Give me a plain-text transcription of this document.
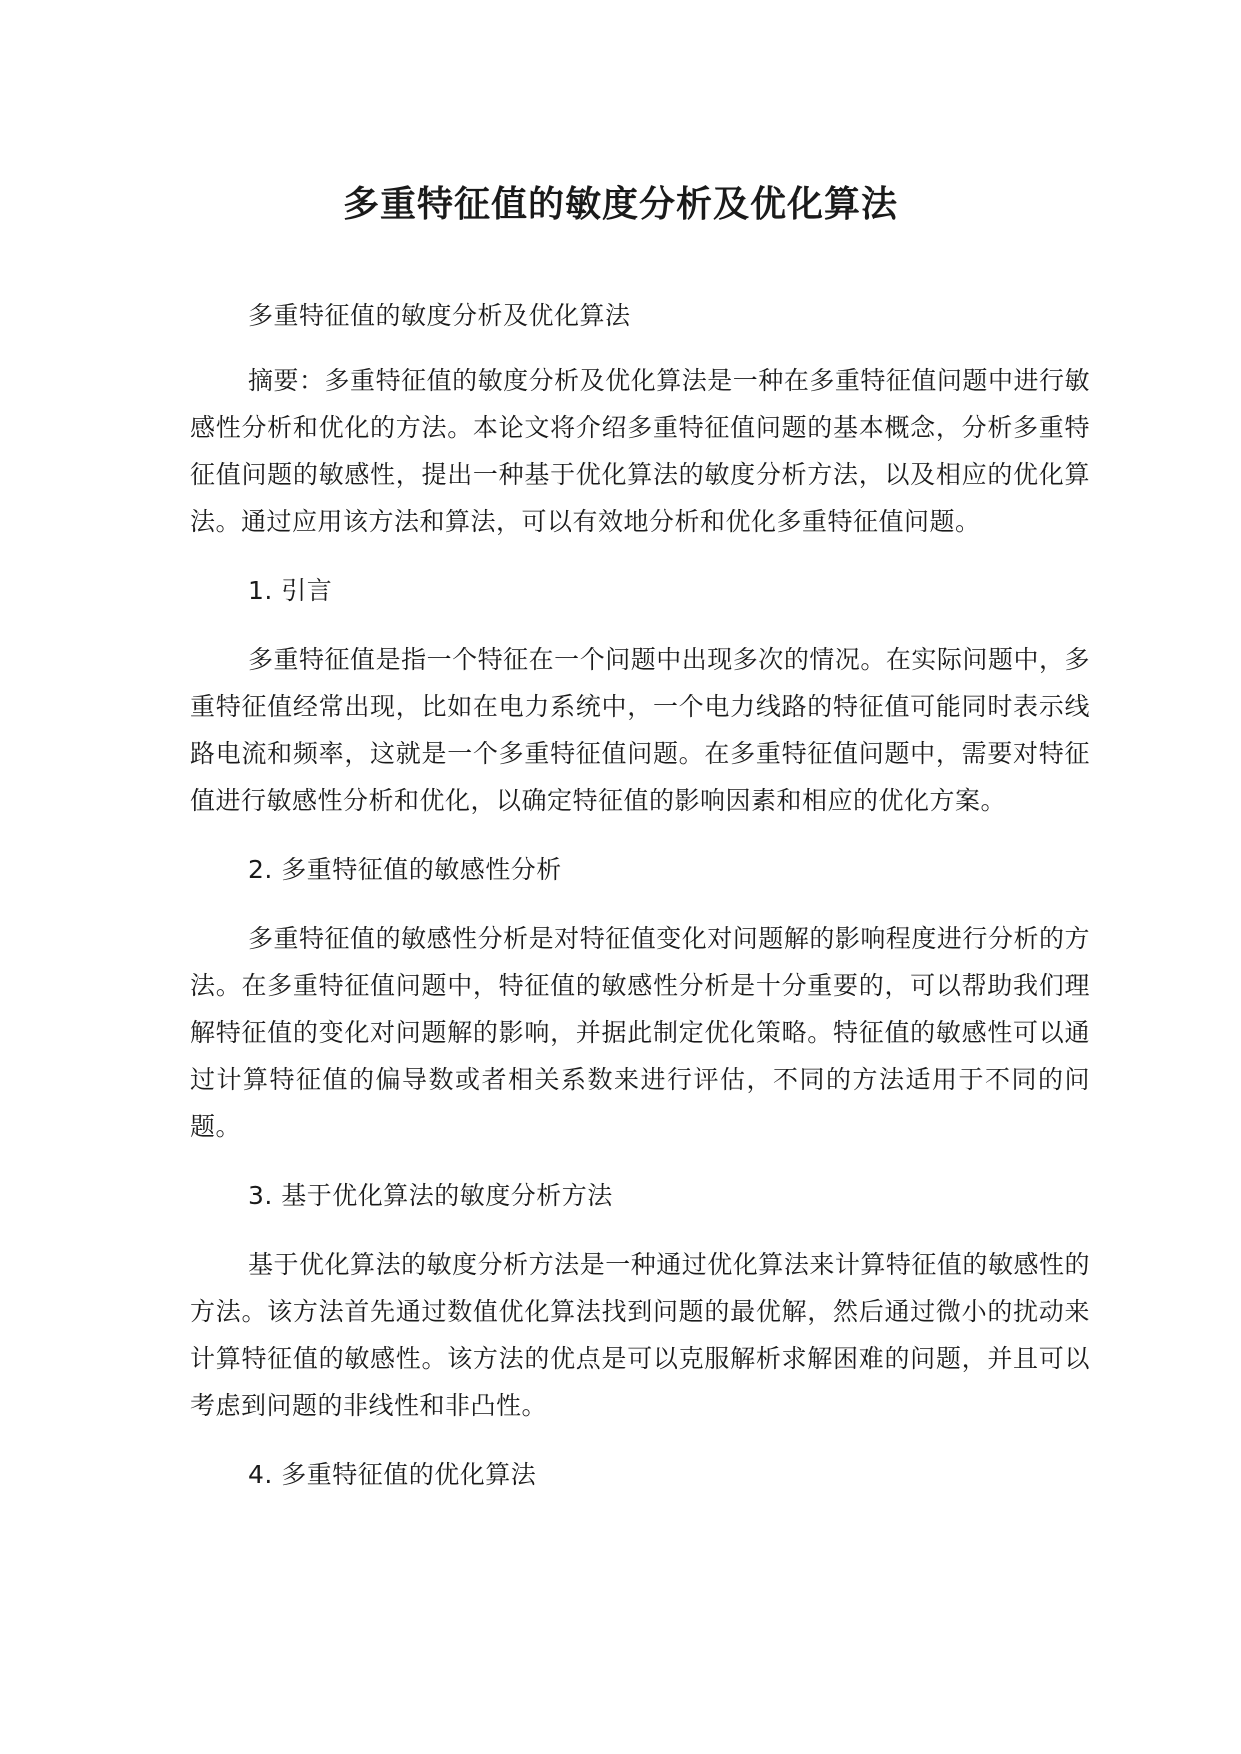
多重特征值的敏度分析及优化算法

多重特征值的敏度分析及优化算法

摘要：多重特征值的敏度分析及优化算法是一种在多重特征值问题中进行敏感性分析和优化的方法。本论文将介绍多重特征值问题的基本概念，分析多重特征值问题的敏感性，提出一种基于优化算法的敏度分析方法，以及相应的优化算法。通过应用该方法和算法，可以有效地分析和优化多重特征值问题。

1. 引言

多重特征值是指一个特征在一个问题中出现多次的情况。在实际问题中，多重特征值经常出现，比如在电力系统中，一个电力线路的特征值可能同时表示线路电流和频率，这就是一个多重特征值问题。在多重特征值问题中，需要对特征值进行敏感性分析和优化，以确定特征值的影响因素和相应的优化方案。

2. 多重特征值的敏感性分析

多重特征值的敏感性分析是对特征值变化对问题解的影响程度进行分析的方法。在多重特征值问题中，特征值的敏感性分析是十分重要的，可以帮助我们理解特征值的变化对问题解的影响，并据此制定优化策略。特征值的敏感性可以通过计算特征值的偏导数或者相关系数来进行评估，不同的方法适用于不同的问题。

3. 基于优化算法的敏度分析方法

基于优化算法的敏度分析方法是一种通过优化算法来计算特征值的敏感性的方法。该方法首先通过数值优化算法找到问题的最优解，然后通过微小的扰动来计算特征值的敏感性。该方法的优点是可以克服解析求解困难的问题，并且可以考虑到问题的非线性和非凸性。

4. 多重特征值的优化算法
